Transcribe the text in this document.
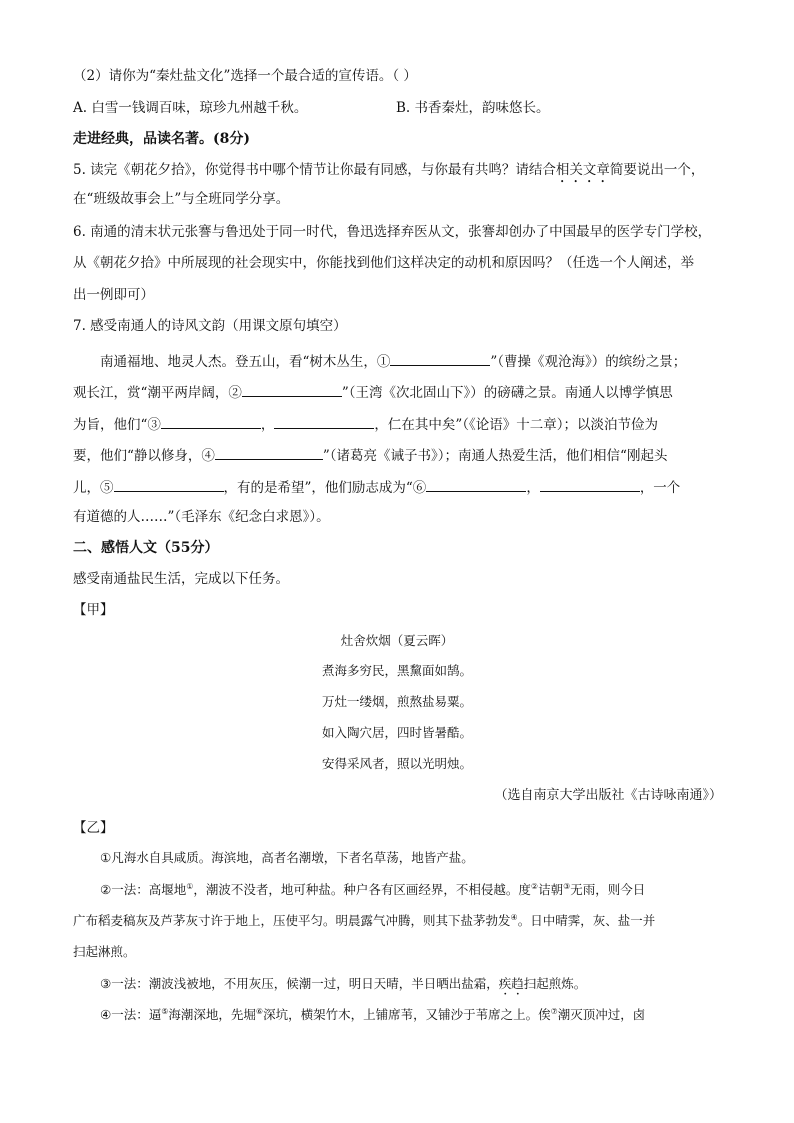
（2）请你为“秦灶盐文化”选择一个最合适的宣传语。（ ）
A. 白雪一钱调百味，琼珍九州越千秋。	B. 书香秦灶，韵味悠长。
走进经典，品读名著。(8分)
5. 读完《朝花夕拾》，你觉得书中哪个情节让你最有同感，与你最有共鸣？请结合相关文章简要说出一个，
在“班级故事会上”与全班同学分享。
6. 南通的清末状元张謇与鲁迅处于同一时代，鲁迅选择弃医从文，张謇却创办了中国最早的医学专门学校，
从《朝花夕拾》中所展现的社会现实中，你能找到他们这样决定的动机和原因吗？（任选一个人阐述，举
出一例即可）
7. 感受南通人的诗风文韵（用课文原句填空）
南通福地、地灵人杰。登五山，看“树木丛生，①	”（曹操《观沧海》）的缤纷之景；
观长江，赏“潮平两岸阔，②	”（王湾《次北固山下》）的磅礴之景。南通人以博学慎思
为旨，他们“③	，	，仁在其中矣”（《论语》十二章）；以淡泊节俭为
要，他们“静以修身，④	”（诸葛亮《诫子书》）；南通人热爱生活，他们相信“刚起头
儿，⑤	，有的是希望”，他们励志成为“⑥	，	，一个
有道德的人……”（毛泽东《纪念白求恩》）。
二、感悟人文（55分）
感受南通盐民生活，完成以下任务。
【甲】
灶舍炊烟（夏云晖）
煮海多穷民，黑黧面如鹄。
万灶一缕烟，煎熬盐易粟。
如入陶穴居，四时皆暑酷。
安得采风者，照以光明烛。
（选自南京大学出版社《古诗咏南通》）
【乙】
①凡海水自具咸质。海滨地，高者名潮墩，下者名草荡，地皆产盐。
②一法：高堰地①，潮波不没者，地可种盐。种户各有区画经界，不相侵越。度②诘朝③无雨，则今日
广布稻麦稿灰及芦茅灰寸许于地上，压使平匀。明晨露气冲腾，则其下盐茅勃发④。日中晴霁，灰、盐一并
扫起淋煎。
③一法：潮波浅被地，不用灰压，候潮一过，明日天晴，半日晒出盐霜，疾趋扫起煎炼。
④一法：逼⑤海潮深地，先堀⑥深坑，横架竹木，上铺席苇，又铺沙于苇席之上。俟⑦潮灭顶冲过，卤
